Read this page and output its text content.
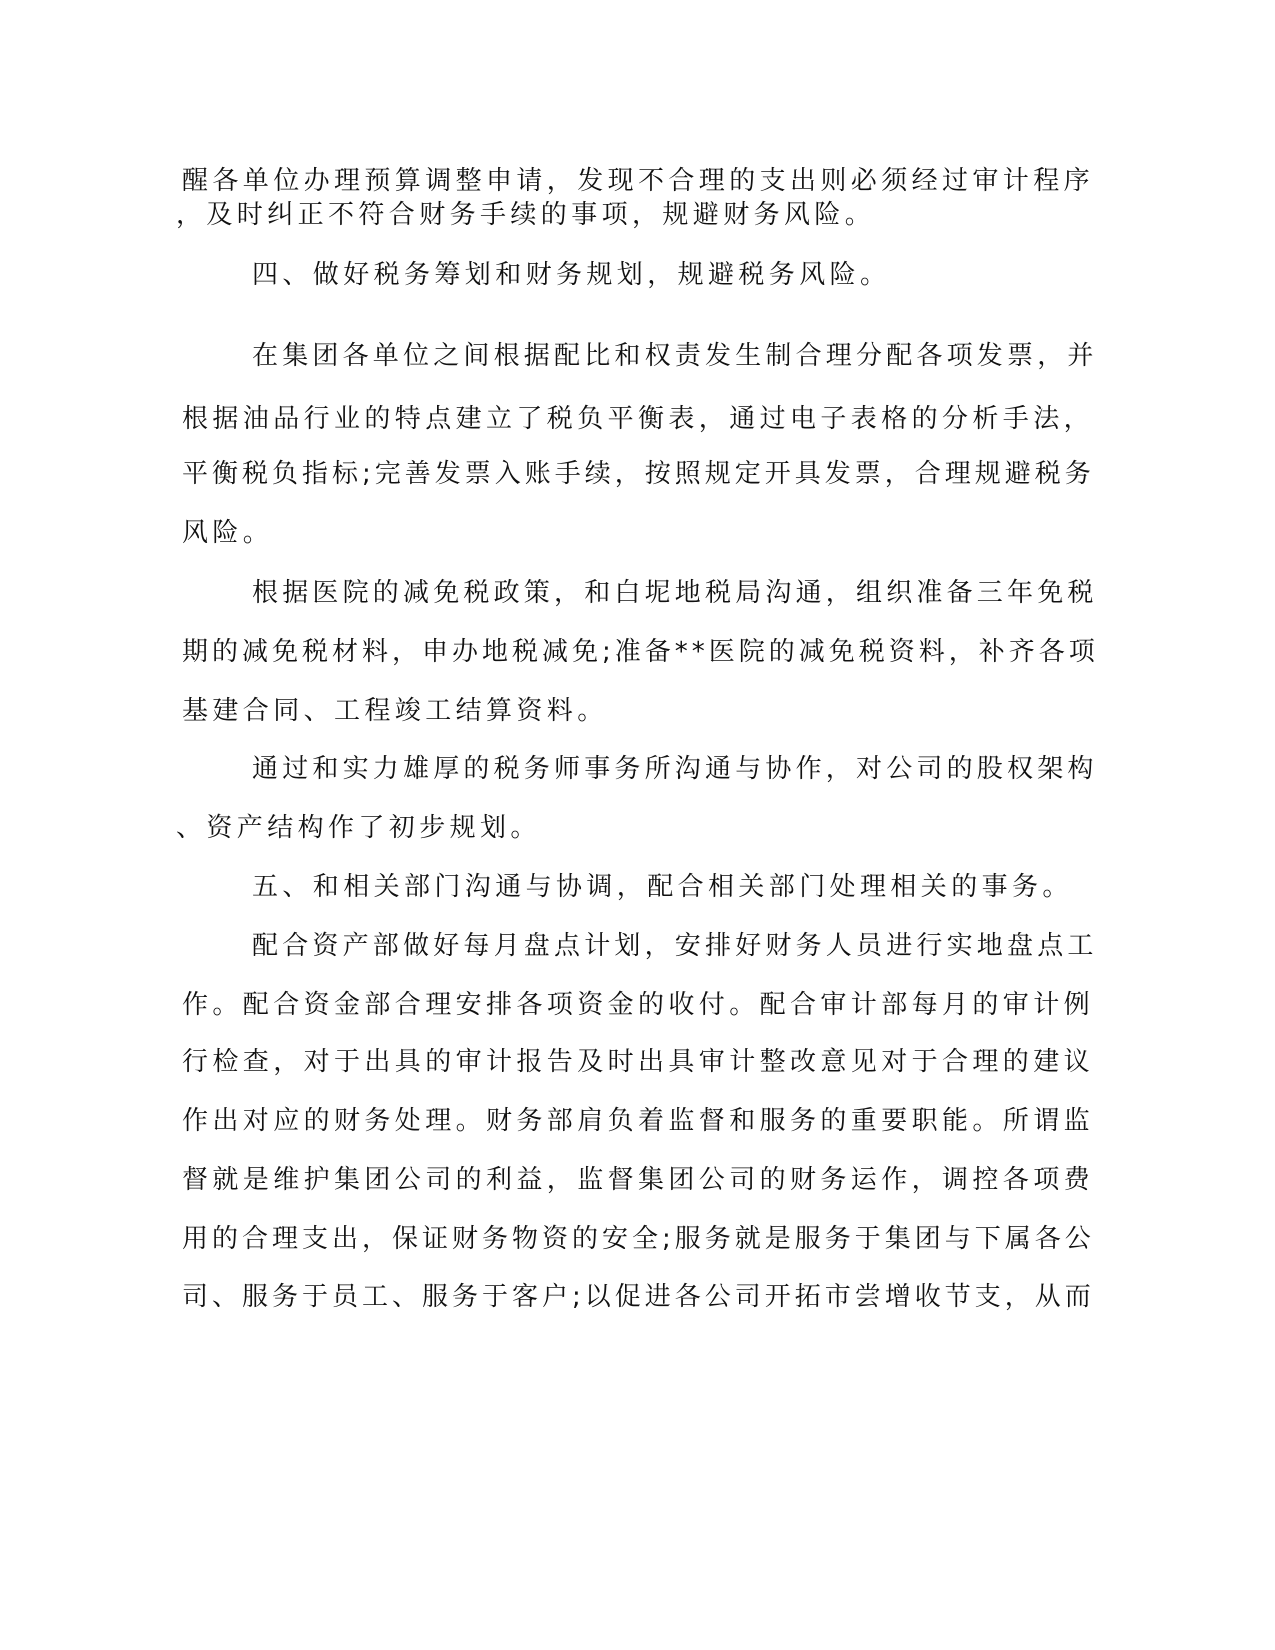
醒各单位办理预算调整申请，发现不合理的支出则必须经过审计程序
，及时纠正不符合财务手续的事项，规避财务风险。
四、做好税务筹划和财务规划，规避税务风险。
在集团各单位之间根据配比和权责发生制合理分配各项发票，并
根据油品行业的特点建立了税负平衡表，通过电子表格的分析手法，
平衡税负指标;完善发票入账手续，按照规定开具发票，合理规避税务
风险。
根据医院的减免税政策，和白坭地税局沟通，组织准备三年免税
期的减免税材料，申办地税减免;准备**医院的减免税资料，补齐各项
基建合同、工程竣工结算资料。
通过和实力雄厚的税务师事务所沟通与协作，对公司的股权架构
、资产结构作了初步规划。
五、和相关部门沟通与协调，配合相关部门处理相关的事务。
配合资产部做好每月盘点计划，安排好财务人员进行实地盘点工
作。配合资金部合理安排各项资金的收付。配合审计部每月的审计例
行检查，对于出具的审计报告及时出具审计整改意见对于合理的建议
作出对应的财务处理。财务部肩负着监督和服务的重要职能。所谓监
督就是维护集团公司的利益，监督集团公司的财务运作，调控各项费
用的合理支出，保证财务物资的安全;服务就是服务于集团与下属各公
司、服务于员工、服务于客户;以促进各公司开拓市尝增收节支，从而
